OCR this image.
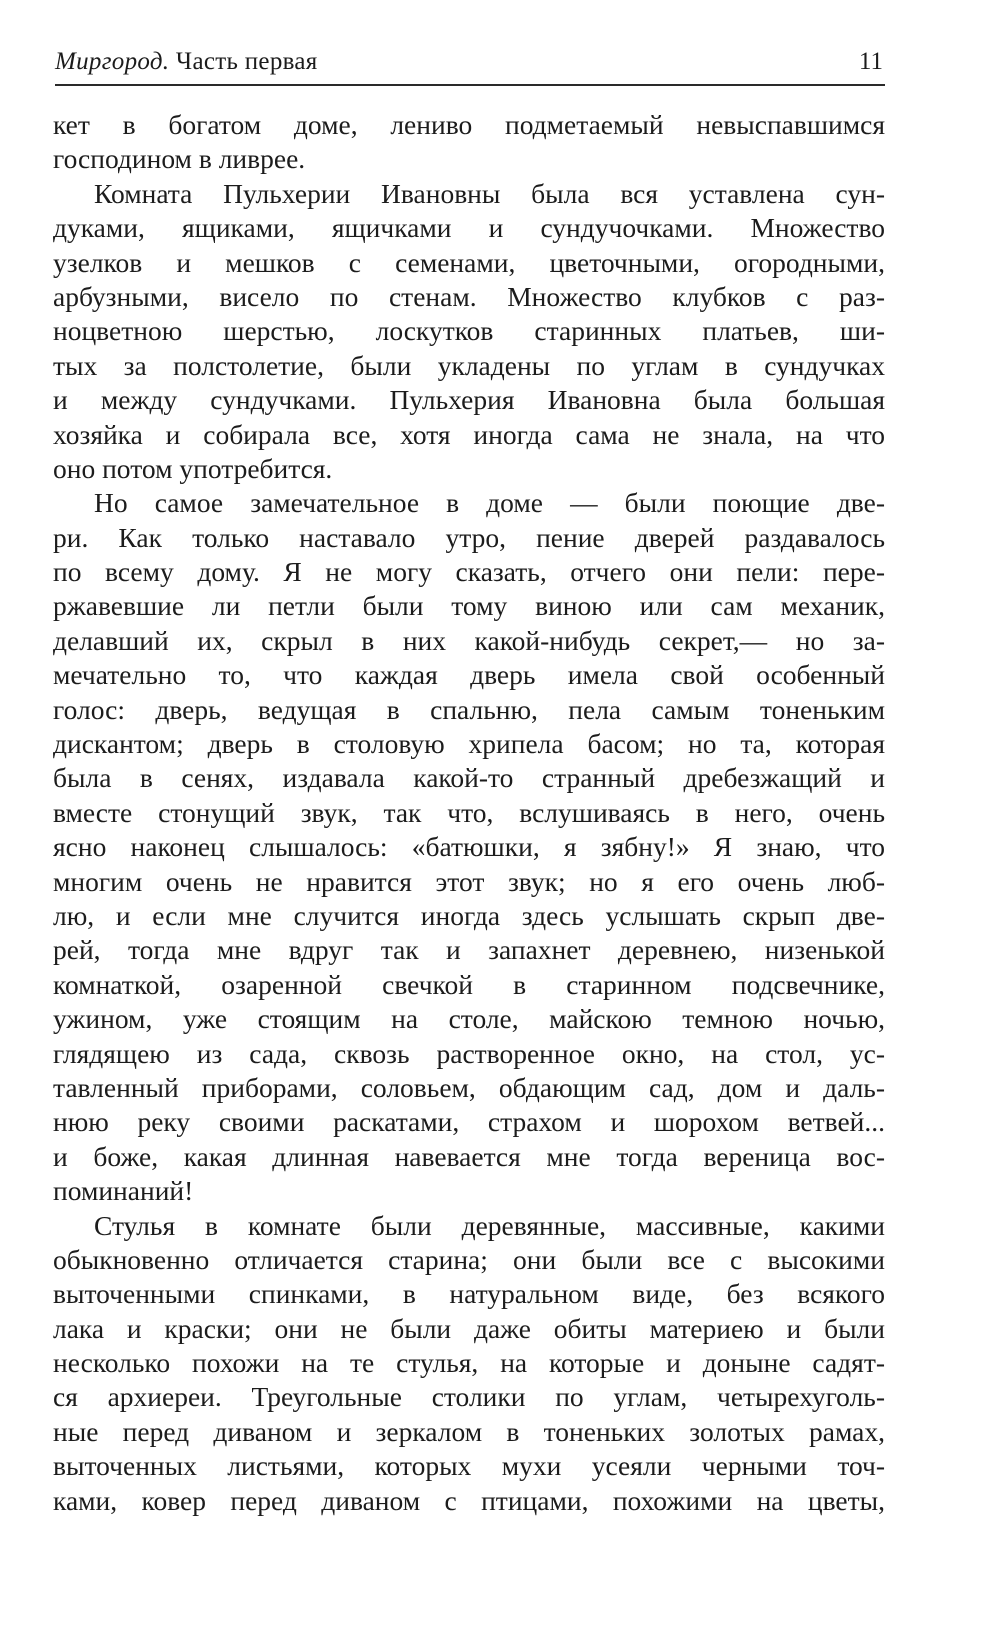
Миргород. Часть первая	11
кет в богатом доме, лениво подметаемый невыспавшимся
господином в ливрее.
Комната Пульхерии Ивановны была вся уставлена сун-
дуками, ящиками, ящичками и сундучочками. Множество
узелков и мешков с семенами, цветочными, огородными,
арбузными, висело по стенам. Множество клубков с раз-
ноцветною шерстью, лоскутков старинных платьев, ши-
тых за полстолетие, были укладены по углам в сундучках
и между сундучками. Пульхерия Ивановна была большая
хозяйка и собирала все, хотя иногда сама не знала, на что
оно потом употребится.
Но самое замечательное в доме — были поющие две-
ри. Как только наставало утро, пение дверей раздавалось
по всему дому. Я не могу сказать, отчего они пели: пере-
ржавевшие ли петли были тому виною или сам механик,
делавший их, скрыл в них какой-нибудь секрет,— но за-
мечательно то, что каждая дверь имела свой особенный
голос: дверь, ведущая в спальню, пела самым тоненьким
дискантом; дверь в столовую хрипела басом; но та, которая
была в сенях, издавала какой-то странный дребезжащий и
вместе стонущий звук, так что, вслушиваясь в него, очень
ясно наконец слышалось: «батюшки, я зябну!» Я знаю, что
многим очень не нравится этот звук; но я его очень люб-
лю, и если мне случится иногда здесь услышать скрып две-
рей, тогда мне вдруг так и запахнет деревнею, низенькой
комнаткой, озаренной свечкой в старинном подсвечнике,
ужином, уже стоящим на столе, майскою темною ночью,
глядящею из сада, сквозь растворенное окно, на стол, ус-
тавленный приборами, соловьем, обдающим сад, дом и даль-
нюю реку своими раскатами, страхом и шорохом ветвей...
и боже, какая длинная навевается мне тогда вереница вос-
поминаний!
Стулья в комнате были деревянные, массивные, какими
обыкновенно отличается старина; они были все с высокими
выточенными спинками, в натуральном виде, без всякого
лака и краски; они не были даже обиты материею и были
несколько похожи на те стулья, на которые и доныне садят-
ся архиереи. Треугольные столики по углам, четырехуголь-
ные перед диваном и зеркалом в тоненьких золотых рамах,
выточенных листьями, которых мухи усеяли черными точ-
ками, ковер перед диваном с птицами, похожими на цветы,
